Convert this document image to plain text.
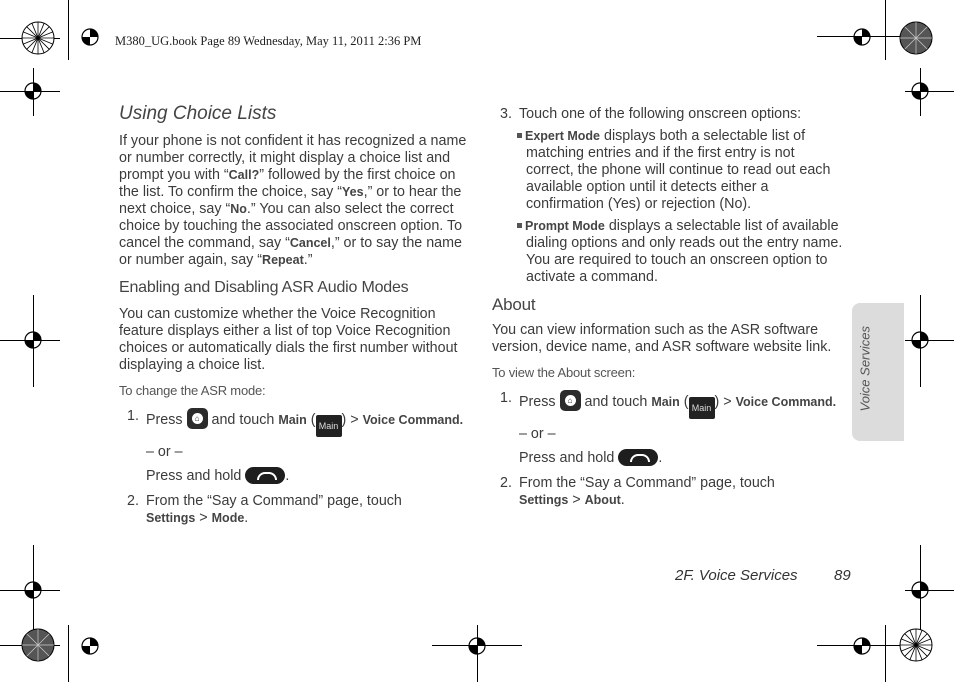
M380_UG.book Page 89 Wednesday, May 11, 2011 2:36 PM
Using Choice Lists
If your phone is not confident it has recognized a name or number correctly, it might display a choice list and prompt you with “Call?” followed by the first choice on the list. To confirm the choice, say “Yes,” or to hear the next choice, say “No.” You can also select the correct choice by touching the associated onscreen option. To cancel the command, say “Cancel,” or to say the name or number again, say “Repeat.”
Enabling and Disabling ASR Audio Modes
You can customize whether the Voice Recognition feature displays either a list of top Voice Recognition choices or automatically dials the first number without displaying a choice list.
To change the ASR mode:
1. Press	⌂ and touch Main ( Main ) > Voice Command.
– or –
Press and hold	.
2. From the “Say a Command” page, touch
Settings > Mode.
3. Touch one of the following onscreen options:
Expert Mode displays both a selectable list of matching entries and if the first entry is not correct, the phone will continue to read out each available option until it detects either a confirmation (Yes) or rejection (No).
Prompt Mode displays a selectable list of available dialing options and only reads out the entry name. You are required to touch an onscreen option to activate a command.
About
You can view information such as the ASR software version, device name, and ASR software website link.
To view the About screen:
1. Press	⌂ and touch Main ( Main ) > Voice Command.
– or –
Press and hold	.
2. From the “Say a Command” page, touch
Settings > About.
Voice Services
2F. Voice Services 89
